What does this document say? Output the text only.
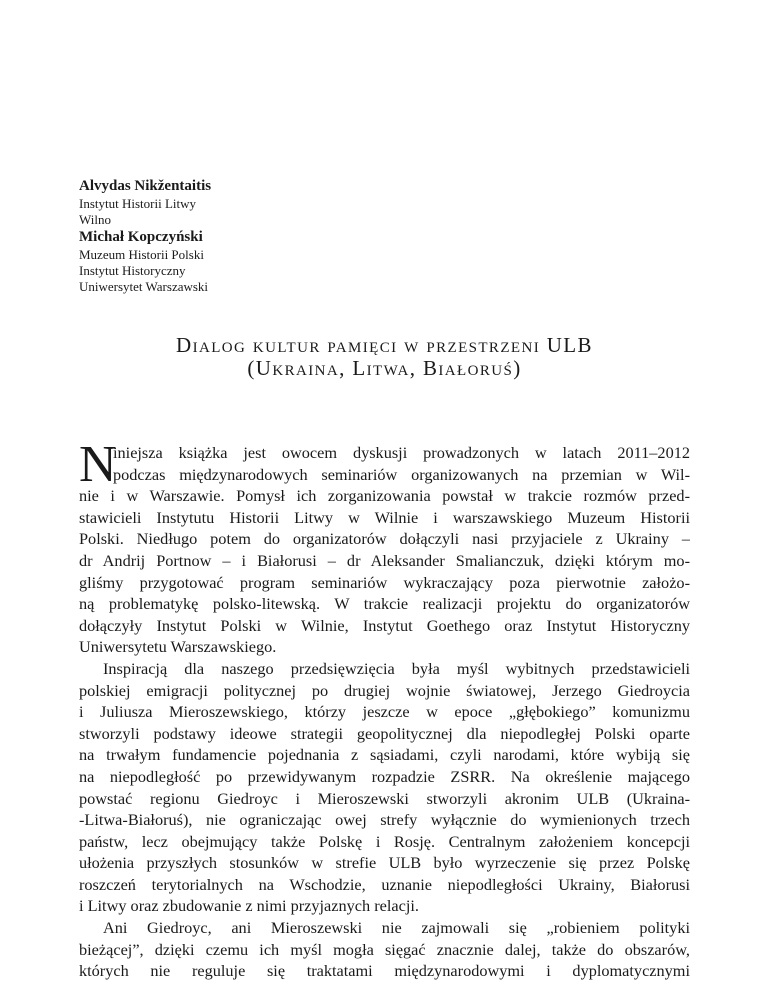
Alvydas Nikžentaitis

Instytut Historii Litwy

Wilno

Michał Kopczyński

Muzeum Historii Polski

Instytut Historyczny

Uniwersytet Warszawski

Dialog kultur pamięci w przestrzeni ULB
(Ukraina, Litwa, Białoruś)
N
iniejsza książka jest owocem dyskusji prowadzonych w latach 2011–2012
podczas międzynarodowych seminariów organizowanych na przemian w Wil-
nie i w Warszawie. Pomysł ich zorganizowania powstał w trakcie rozmów przed-
stawicieli Instytutu Historii Litwy w Wilnie i warszawskiego Muzeum Historii
Polski. Niedługo potem do organizatorów dołączyli nasi przyjaciele z Ukrainy –
dr Andrij Portnow – i Białorusi – dr Aleksander Smalianczuk, dzięki którym mo-
gliśmy przygotować program seminariów wykraczający poza pierwotnie założo-
ną problematykę polsko-litewską. W trakcie realizacji projektu do organizatorów
dołączyły Instytut Polski w Wilnie, Instytut Goethego oraz Instytut Historyczny
Uniwersytetu Warszawskiego.
Inspiracją dla naszego przedsięwzięcia była myśl wybitnych przedstawicieli
polskiej emigracji politycznej po drugiej wojnie światowej, Jerzego Giedroycia
i Juliusza Mieroszewskiego, którzy jeszcze w epoce „głębokiego” komunizmu
stworzyli podstawy ideowe strategii geopolitycznej dla niepodległej Polski oparte
na trwałym fundamencie pojednania z sąsiadami, czyli narodami, które wybiją się
na niepodległość po przewidywanym rozpadzie ZSRR. Na określenie mającego
powstać regionu Giedroyc i Mieroszewski stworzyli akronim ULB (Ukraina-
-Litwa-Białoruś), nie ograniczając owej strefy wyłącznie do wymienionych trzech
państw, lecz obejmujący także Polskę i Rosję. Centralnym założeniem koncepcji
ułożenia przyszłych stosunków w strefie ULB było wyrzeczenie się przez Polskę
roszczeń terytorialnych na Wschodzie, uznanie niepodległości Ukrainy, Białorusi
i Litwy oraz zbudowanie z nimi przyjaznych relacji.
Ani Giedroyc, ani Mieroszewski nie zajmowali się „robieniem polityki
bieżącej”, dzięki czemu ich myśl mogła sięgać znacznie dalej, także do obszarów,
których nie reguluje się traktatami międzynarodowymi i dyplomatycznymi
